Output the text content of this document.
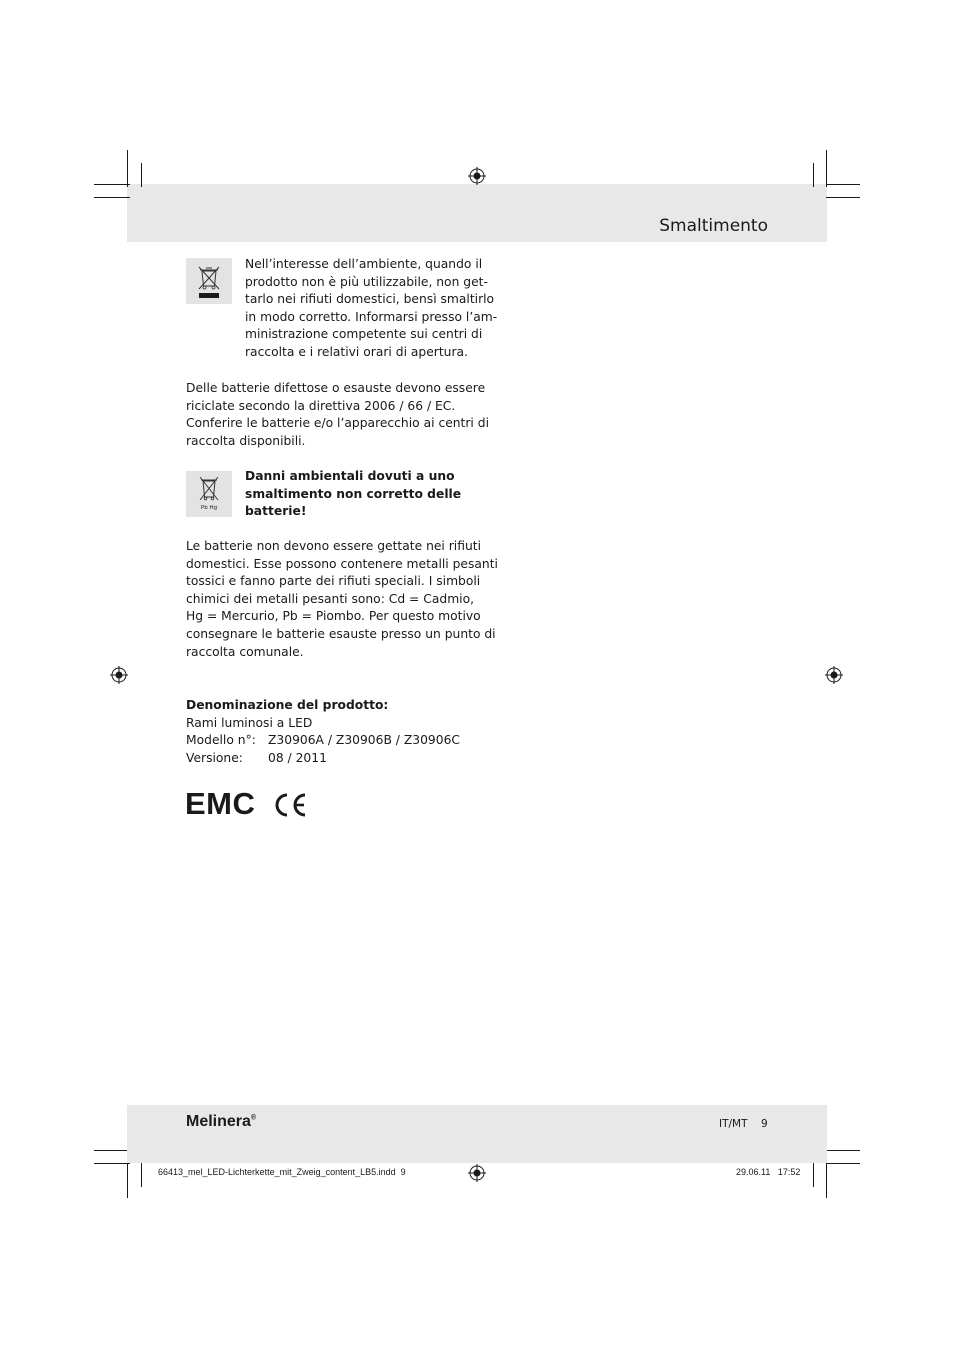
Smaltimento
Nell’interesse dell’ambiente, quando il
prodotto non è più utilizzabile, non get-
tarlo nei rifiuti domestici, bensì smaltirlo
in modo corretto. Informarsi presso l’am-
ministrazione competente sui centri di
raccolta e i relativi orari di apertura.
Delle batterie difettose o esauste devono essere
riciclate secondo la direttiva 2006 / 66 / EC.
Conferire le batterie e/o l’apparecchio ai centri di
raccolta disponibili.
Pb Hg
Danni ambientali dovuti a uno
smaltimento non corretto delle
batterie!
Le batterie non devono essere gettate nei rifiuti
domestici. Esse possono contenere metalli pesanti
tossici e fanno parte dei rifiuti speciali. I simboli
chimici dei metalli pesanti sono: Cd = Cadmio,
Hg = Mercurio, Pb = Piombo. Per questo motivo
consegnare le batterie esauste presso un punto di
raccolta comunale.
Denominazione del prodotto:
Rami luminosi a LED
Modello n°: Z30906A / Z30906B / Z30906C
Versione: 08 / 2011
EMC
Melinera®	IT/MT 9
66413_mel_LED-Lichterkette_mit_Zweig_content_LB5.indd 9	29.06.11 17:52
